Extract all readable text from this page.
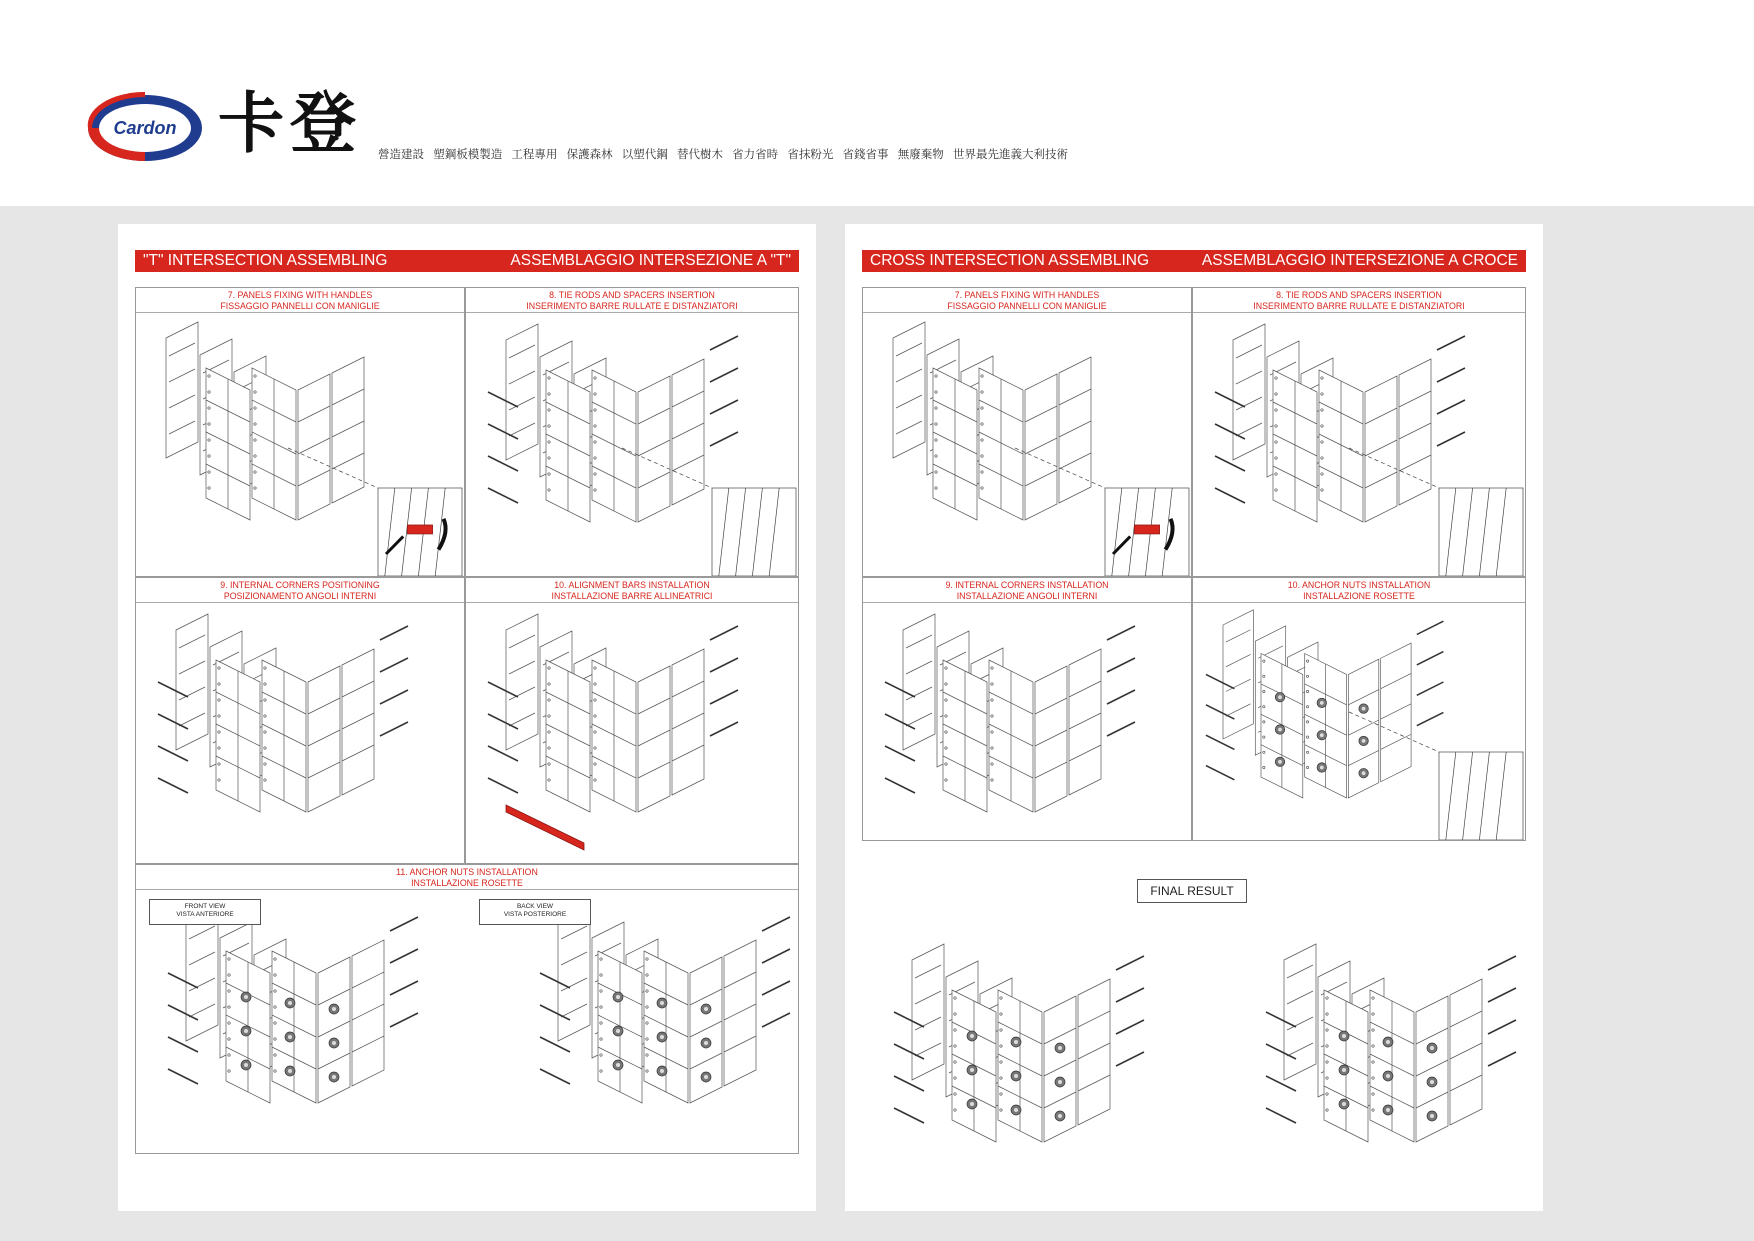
Cardon 卡登 營造建設 塑鋼板模製造 工程專用 保護森林 以塑代鋼 替代樹木 省力省時 省抹粉光 省錢省事 無廢棄物 世界最先進義大利技術
"T" INTERSECTION ASSEMBLING	ASSEMBLAGGIO INTERSEZIONE A "T"
7. PANELS FIXING WITH HANDLES
FISSAGGIO PANNELLI CON MANIGLIE
8. TIE RODS AND SPACERS INSERTION
INSERIMENTO BARRE RULLATE E DISTANZIATORI
9. INTERNAL CORNERS POSITIONING
POSIZIONAMENTO ANGOLI INTERNI
10. ALIGNMENT BARS INSTALLATION
INSTALLAZIONE BARRE ALLINEATRICI
11. ANCHOR NUTS INSTALLATION
INSTALLAZIONE ROSETTE
FRONT VIEW
VISTA ANTERIORE
BACK VIEW
VISTA POSTERIORE
CROSS INTERSECTION ASSEMBLING	ASSEMBLAGGIO INTERSEZIONE A CROCE
7. PANELS FIXING WITH HANDLES
FISSAGGIO PANNELLI CON MANIGLIE
8. TIE RODS AND SPACERS INSERTION
INSERIMENTO BARRE RULLATE E DISTANZIATORI
9. INTERNAL CORNERS INSTALLATION
INSTALLAZIONE ANGOLI INTERNI
10. ANCHOR NUTS INSTALLATION
INSTALLAZIONE ROSETTE
FINAL RESULT
